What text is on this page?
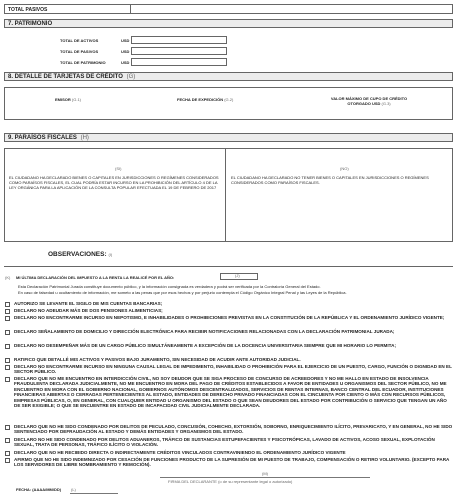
TOTAL PASIVOS
7. PATRIMONIO
TOTAL DE ACTIVOS	USD
TOTAL DE PASIVOS	USD
TOTAL DE PATRIMONIO	USD
8. DETALLE DE TARJETAS DE CRÉDITO (G)
EMISOR (G.1)	FECHA DE EXPEDICIÓN (G.2)	VALOR MÁXIMO DE CUPO DE CRÉDITO OTORGADO USD (G.3)
9. PARAÍSOS FISCALES (H)
(SI)	(NO)
EL CIUDADANO HA DECLARADO BIENES O CAPITALES EN JURISDICCIONES O REGÍMENES CONSIDERADOS COMO PARAÍSOS FISCALES, EL CUAL PODRÍA ESTAR INCURSO EN LA PROHIBICIÓN DEL ARTÍCULO 4 DE LA LEY ORGÁNICA PARA LA APLICACIÓN DE LA CONSULTA POPULAR EFECTUADA EL 19 DE FEBRERO DE 2017
EL CIUDADANO HA DECLARADO NO TENER BIENES O CAPITALES EN JURISDICCIONES O REGÍMENES CONSIDERADOS COMO PARAÍSOS FISCALES.
OBSERVACIONES: (I)
MI ÚLTIMA DECLARACIÓN DEL IMPUESTO A LA RENTA LA REALICÉ POR EL AÑO:	(J)
(K)
Esta Declaración Patrimonial Jurada constituye documento público, y la información consignada es verdadera y podrá ser verificada por la Contraloría General del Estado.
En caso de falsedad u ocultamiento de información, me someto a las penas que por esos hechos y por perjurio contempla el Código Orgánico Integral Penal y las Leyes de la República.
AUTORIZO SE LEVANTE EL SIGILO DE MIS CUENTAS BANCARIAS;
DECLARO NO ADEUDAR MÁS DE DOS PENSIONES ALIMENTICIAS;
DECLARO NO ENCONTRARME INCURSO EN NEPOTISMO, E INHABILIDADES O PROHIBICIONES PREVISTAS EN LA CONSTITUCIÓN DE LA REPÚBLICA Y EL ORDENAMIENTO JURÍDICO VIGENTE;
DECLARO SEÑALAMIENTO DE DOMICILIO Y DIRECCIÓN ELECTRÓNICA PARA RECIBIR NOTIFICACIONES RELACIONADAS CON LA DECLARACIÓN PATRIMONIAL JURADA;
DECLARO NO DESEMPEÑAR MÁS DE UN CARGO PÚBLICO SIMULTÁNEAMENTE A EXCEPCIÓN DE LA DOCENCIA UNIVERSITARIA SIEMPRE QUE MI HORARIO LO PERMITA;
RATIFICO QUE DETALLÉ MIS ACTIVOS Y PASIVOS BAJO JURAMENTO, SIN NECESIDAD DE ACUDIR ANTE AUTORIDAD JUDICIAL.
DECLARO NO ENCONTRARME INCURSO EN NINGUNA CAUSAL LEGAL DE IMPEDIMENTO, INHABILIDAD O PROHIBICIÓN PARA EL EJERCICIO DE UN PUESTO, CARGO, FUNCIÓN O DIGNIDAD EN EL SECTOR PÚBLICO.
DECLARO QUE NO ME ENCUENTRO EN INTERDICCIÓN CIVIL, NO SOY DEUDOR QUE SE SIGA PROCESO DE CONCURSO DE ACREEDORES Y NO ME HALLO EN ESTADO DE INSOLVENCIA FRAUDULENTA DECLARADA JUDICIALMENTE, NO ME ENCUENTRO EN MORA DEL PAGO DE CRÉDITOS ESTABLECIDOS A FAVOR DE ENTIDADES U ORGANISMOS DEL SECTOR PÚBLICO, NO ME ENCUENTRO EN MORA CON EL GOBIERNO NACIONAL, GOBIERNOS AUTÓNOMOS DESCENTRALIZADOS, SERVICIOS DE RENTAS INTERNAS, BANCO CENTRAL DEL ECUADOR, INSTITUCIONES FINANCIERAS ABIERTAS O CERRADAS PERTENECIENTES AL ESTADO, ENTIDADES DE DERECHO PRIVADO FINANCIADAS CON EL CINCUENTA POR CIENTO O MÁS CON RECURSOS PÚBLICOS, EMPRESAS PÚBLICAS, O, EN GENERAL, CON CUALQUIER ENTIDAD U ORGANISMO DEL ESTADO O QUE SEAN DEUDORES DEL ESTADO POR CONTRIBUCIÓN O SERVICIO QUE TENGAN UN AÑO DE SER EXIGIBLE; O QUE SE ENCUENTRE EN ESTADO DE INCAPACIDAD CIVIL JUDICIALMENTE DECLARADA.
DECLARO QUE NO HE SIDO CONDENADO POR DELITOS DE PECULADO, CONCUSIÓN, COHECHO, EXTORSIÓN, SOBORNO, ENRIQUECIMIENTO ILÍCITO, PREVARICATO, Y EN GENERAL, NO HE SIDO SENTENCIADO POR DEFRAUDACIÓN AL ESTADO Y DEMÁS ENTIDADES Y ORGANISMOS DEL ESTADO.
DECLARO NO HE SIDO CONDENADO POR DELITOS ADUANEROS, TRÁFICO DE SUSTANCIAS ESTUPEFACIENTES Y PSICOTRÓPICAS, LAVADO DE ACTIVOS, ACOSO SEXUAL, EXPLOTACIÓN SEXUAL, TRATA DE PERSONAS, TRÁFICO ILÍCITO O VIOLACIÓN.
DECLARO QUE NO HE RECIBIDO DIRECTA O INDIRECTAMENTE CRÉDITOS VINCULADOS CONTRAVINIENDO EL ORDENAMIENTO JURÍDICO VIGENTE
AFIRMO QUE NO HE SIDO INDEMNIZADO POR CESACIÓN DE FUNCIONES PRODUCTO DE LA SUPRESIÓN DE MI PUESTO DE TRABAJO, COMPENSACIÓN O RETIRO VOLUNTARIO. (EXCEPTO PARA LOS SERVIDORES DE LIBRE NOMBRAMIENTO Y REMOCIÓN).
(M)
FIRMA DEL DECLARANTE (o de su representante legal o autorizado)
FECHA: (AAAA/MM/DD) (L)
